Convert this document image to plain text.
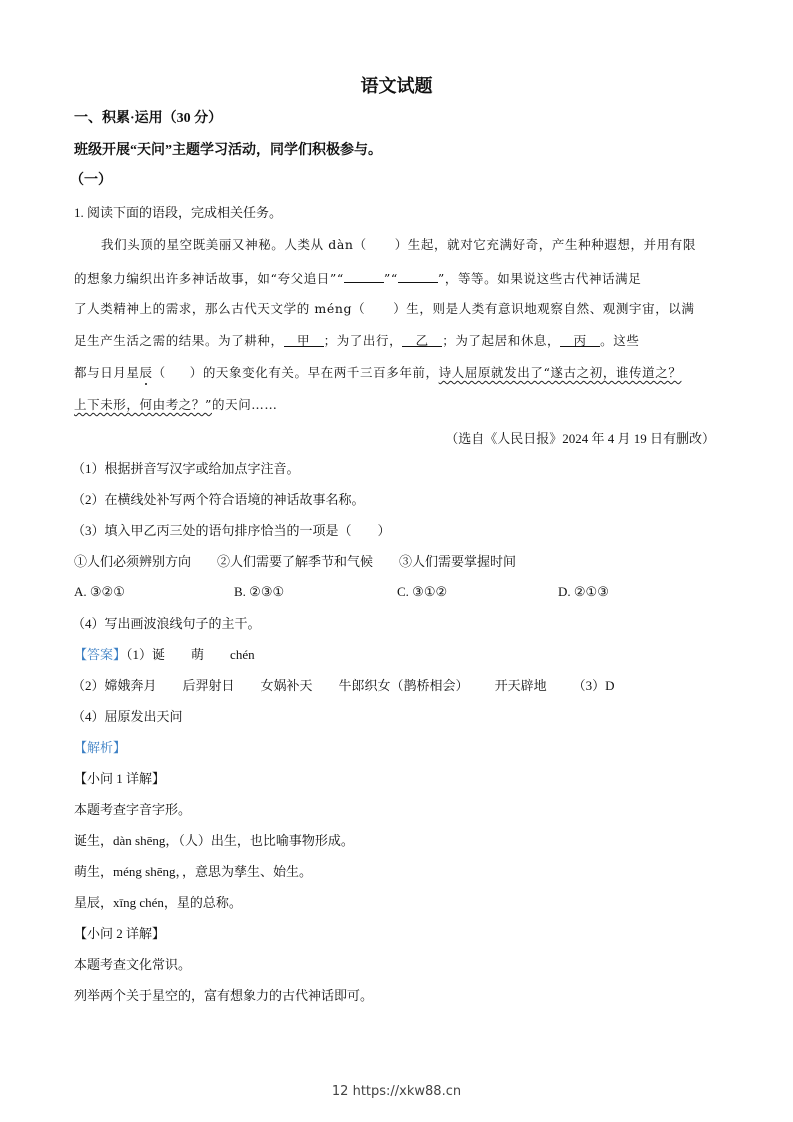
语文试题
一、积累·运用（30 分）
班级开展“天问”主题学习活动，同学们积极参与。
（一）
1. 阅读下面的语段，完成相关任务。
我们头顶的星空既美丽又神秘。人类从 dàn（ ）生起，就对它充满好奇，产生种种遐想，并用有限
的想象力编织出许多神话故事，如“夸父追日”“	”“	”，等等。如果说这些古代神话满足
了人类精神上的需求，那么古代天文学的 méng（ ）生，则是人类有意识地观察自然、观测宇宙，以满
足生产生活之需的结果。为了耕种， 甲 ；为了出行， 乙 ；为了起居和休息， 丙 。这些
都与日月星辰（ ）的天象变化有关。早在两千三百多年前，诗人屈原就发出了“遂古之初，谁传道之？
上下未形，何由考之？”的天问……
（选自《人民日报》2024 年 4 月 19 日有删改）
（1）根据拼音写汉字或给加点字注音。
（2）在横线处补写两个符合语境的神话故事名称。
（3）填入甲乙丙三处的语句排序恰当的一项是（　　）
①人们必须辨别方向 ②人们需要了解季节和气候 ③人们需要掌握时间
A. ③②①	B. ②③①	C. ③①②	D. ②①③
（4）写出画波浪线句子的主干。
【答案】（1）诞 萌 chén
（2）嫦娥奔月 后羿射日 女娲补天 牛郎织女（鹊桥相会） 开天辟地 （3）D
（4）屈原发出天问
【解析】
【小问 1 详解】
本题考查字音字形。
诞生，dàn shēng，（人）出生，也比喻事物形成。
萌生，méng shēng，，意思为孳生、始生。
星辰，xīng chén，星的总称。
【小问 2 详解】
本题考查文化常识。
列举两个关于星空的，富有想象力的古代神话即可。
12 https://xkw88.cn
